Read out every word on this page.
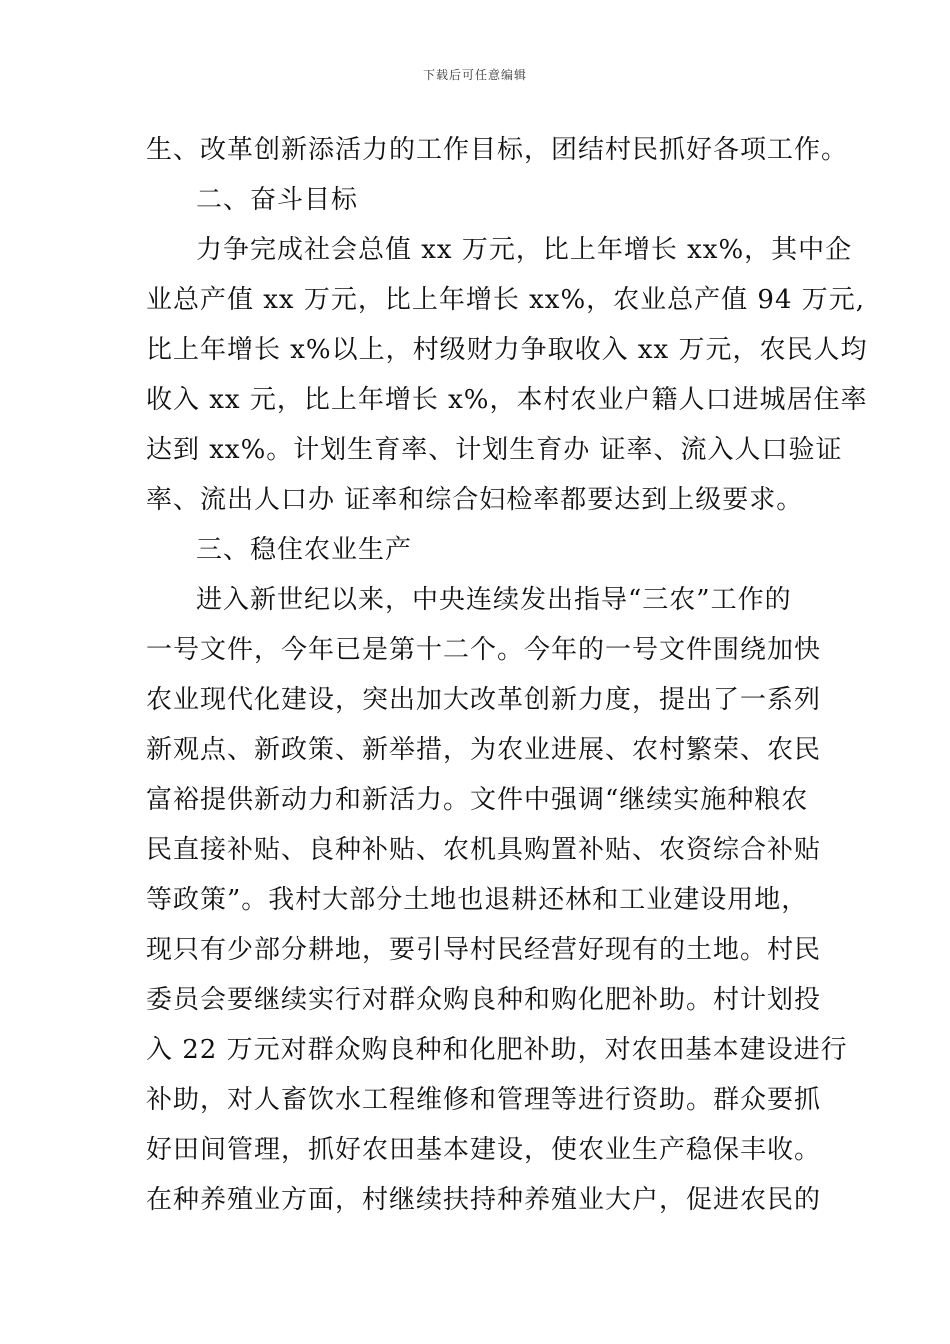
下载后可任意编辑
生、改革创新添活力的工作目标，团结村民抓好各项工作。
二、奋斗目标
力争完成社会总值 xx 万元，比上年增长 xx%，其中企
业总产值 xx 万元，比上年增长 xx%，农业总产值 94 万元,
比上年增长 x%以上，村级财力争取收入 xx 万元，农民人均
收入 xx 元，比上年增长 x%，本村农业户籍人口进城居住率
达到 xx%。计划生育率、计划生育办 证率、流入人口验证
率、流出人口办 证率和综合妇检率都要达到上级要求。
三、稳住农业生产
进入新世纪以来，中央连续发出指导“三农”工作的
一号文件，今年已是第十二个。今年的一号文件围绕加快
农业现代化建设，突出加大改革创新力度，提出了一系列
新观点、新政策、新举措，为农业进展、农村繁荣、农民
富裕提供新动力和新活力。文件中强调“继续实施种粮农
民直接补贴、良种补贴、农机具购置补贴、农资综合补贴
等政策”。我村大部分土地也退耕还林和工业建设用地，
现只有少部分耕地，要引导村民经营好现有的土地。村民
委员会要继续实行对群众购良种和购化肥补助。村计划投
入 22 万元对群众购良种和化肥补助，对农田基本建设进行
补助，对人畜饮水工程维修和管理等进行资助。群众要抓
好田间管理，抓好农田基本建设，使农业生产稳保丰收。
在种养殖业方面，村继续扶持种养殖业大户，促进农民的
